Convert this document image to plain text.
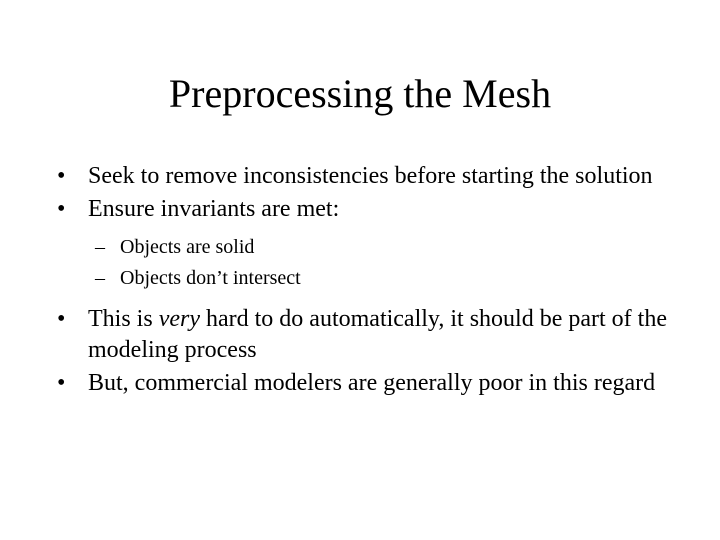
Preprocessing the Mesh
• Seek to remove inconsistencies before starting the solution
• Ensure invariants are met:
– Objects are solid
– Objects don’t intersect
• This is very hard to do automatically, it should be part of the modeling process
• But, commercial modelers are generally poor in this regard
